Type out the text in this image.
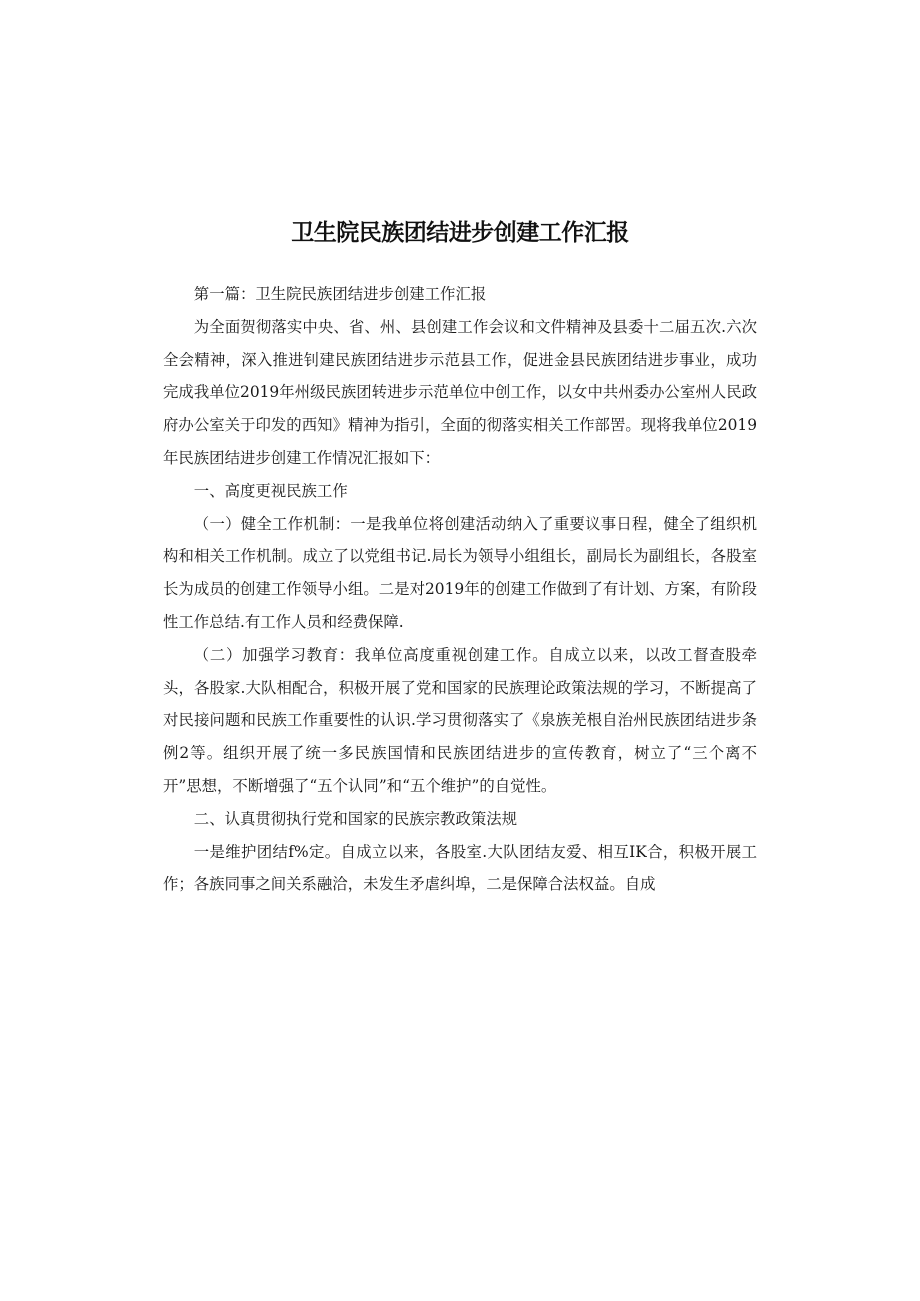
卫生院民族团结进步创建工作汇报

第一篇：卫生院民族团结进步创建工作汇报

为全面贺彻落实中央、省、州、县创建工作会议和文件精神及县委十二届五次.六次全会精神，深入推进钊建民族团结进步示范县工作，促进金县民族团结进步事业，成功完成我单位2019年州级民族团转进步示范单位中创工作，以女中共州委办公室州人民政府办公室关于印发的西知》精神为指引，全面的彻落实相关工作部罟。现将我单位2019年民族团结进步创建工作情况汇报如下：

一、高度更视民族工作

（一）健全工作机制：一是我单位将创建活动纳入了重要议事日程，健全了组织机构和相关工作机制。成立了以党组书记.局长为领导小组组长，副局长为副组长，各股室长为成员的创建工作领导小组。二是对2019年的创建工作做到了有计划、方案，有阶段性工作总结.有工作人员和经费保障.

（二）加强学习教育：我单位高度重视创建工作。自成立以来，以改工督查股牵头，各股家.大队相配合，积极开展了党和国家的民族理论政策法规的学习，不断提高了对民接问题和民族工作重要性的认识.学习贯彻落实了《泉族羌根自治州民族团结进步条例2等。组织开展了统一多民族国情和民族团结进步的宣传教育，树立了“三个离不开”思想，不断增强了“五个认同”和“五个维护”的自觉性。

二、认真贯彻执行党和国家的民族宗教政策法规

一是维护团结f%定。自成立以来，各股室.大队团结友爱、相互IK合，积极开展工作；各族同事之间关系融洽，未发生矛虐纠埠，二是保障合法权益。自成
